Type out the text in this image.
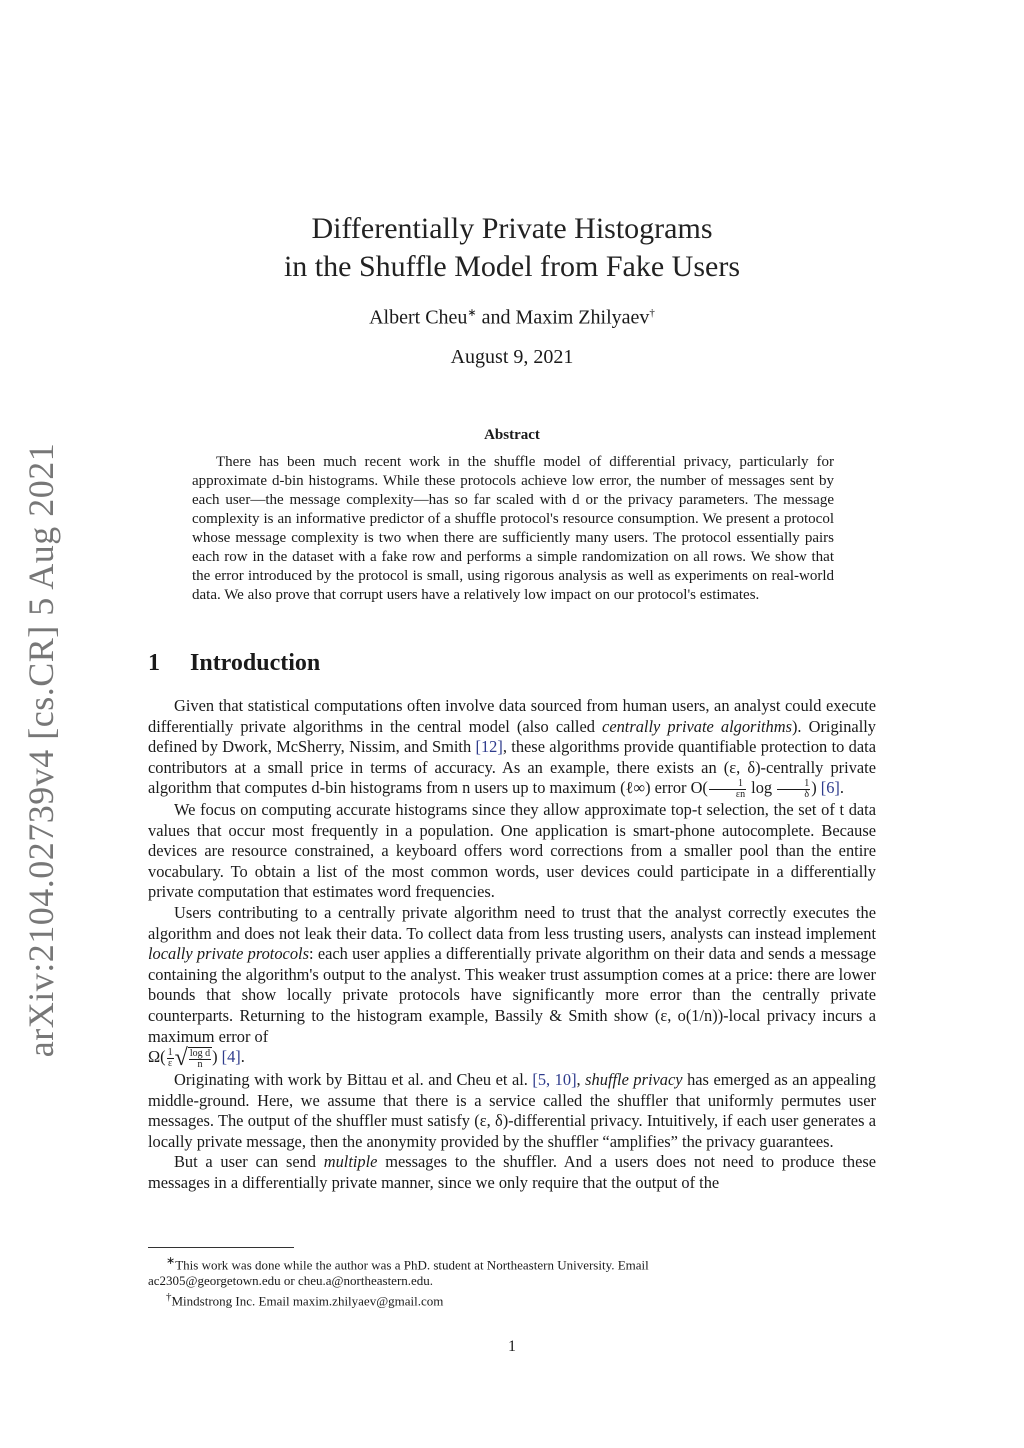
arXiv:2104.02739v4 [cs.CR] 5 Aug 2021
Differentially Private Histograms
in the Shuffle Model from Fake Users
Albert Cheu∗ and Maxim Zhilyaev†
August 9, 2021
Abstract

There has been much recent work in the shuffle model of differential privacy, particularly for approximate d-bin histograms. While these protocols achieve low error, the number of messages sent by each user—the message complexity—has so far scaled with d or the privacy parameters. The message complexity is an informative predictor of a shuffle protocol's resource consumption. We present a protocol whose message complexity is two when there are sufficiently many users. The protocol essentially pairs each row in the dataset with a fake row and performs a simple randomization on all rows. We show that the error introduced by the protocol is small, using rigorous analysis as well as experiments on real-world data. We also prove that corrupt users have a relatively low impact on our protocol's estimates.

1 Introduction

Given that statistical computations often involve data sourced from human users, an analyst could execute differentially private algorithms in the central model (also called centrally private algorithms). Originally defined by Dwork, McSherry, Nissim, and Smith [12], these algorithms provide quantifiable protection to data contributors at a small price in terms of accuracy. As an example, there exists an (ε, δ)-centrally private algorithm that computes d-bin histograms from n users up to maximum (ℓ∞) error $O( \frac{1}{\varepsilon n}$ $\log \frac{1}{\delta}$ ) [6].

We focus on computing accurate histograms since they allow approximate top-t selection, the set of t data values that occur most frequently in a population. One application is smart-phone autocomplete. Because devices are resource constrained, a keyboard offers word corrections from a smaller pool than the entire vocabulary. To obtain a list of the most common words, user devices could participate in a differentially private computation that estimates word frequencies.

Users contributing to a centrally private algorithm need to trust that the analyst correctly executes the algorithm and does not leak their data. To collect data from less trusting users, analysts can instead implement locally private protocols: each user applies a differentially private algorithm on their data and sends a message containing the algorithm's output to the analyst. This weaker trust assumption comes at a price: there are lower bounds that show locally private protocols have significantly more error than the centrally private counterparts. Returning to the histogram example, Bassily & Smith show (ε, o(1/n))-local privacy incurs a maximum error of

$\Omega( \frac{1}{\varepsilon}$ √ $\frac{\text{log d}}{n}$ ) [4].

Originating with work by Bittau et al. and Cheu et al. [5, 10], shuffle privacy has emerged as an appealing middle-ground. Here, we assume that there is a service called the shuffler that uniformly permutes user messages. The output of the shuffler must satisfy (ε, δ)-differential privacy. Intuitively, if each user generates a locally private message, then the anonymity provided by the shuffler “amplifies” the privacy guarantees.

But a user can send multiple messages to the shuffler. And a users does not need to produce these messages in a differentially private manner, since we only require that the output of the

∗This work was done while the author was a PhD. student at Northeastern University. Email

ac2305@georgetown.edu or cheu.a@northeastern.edu.

†Mindstrong Inc. Email maxim.zhilyaev@gmail.com

1
